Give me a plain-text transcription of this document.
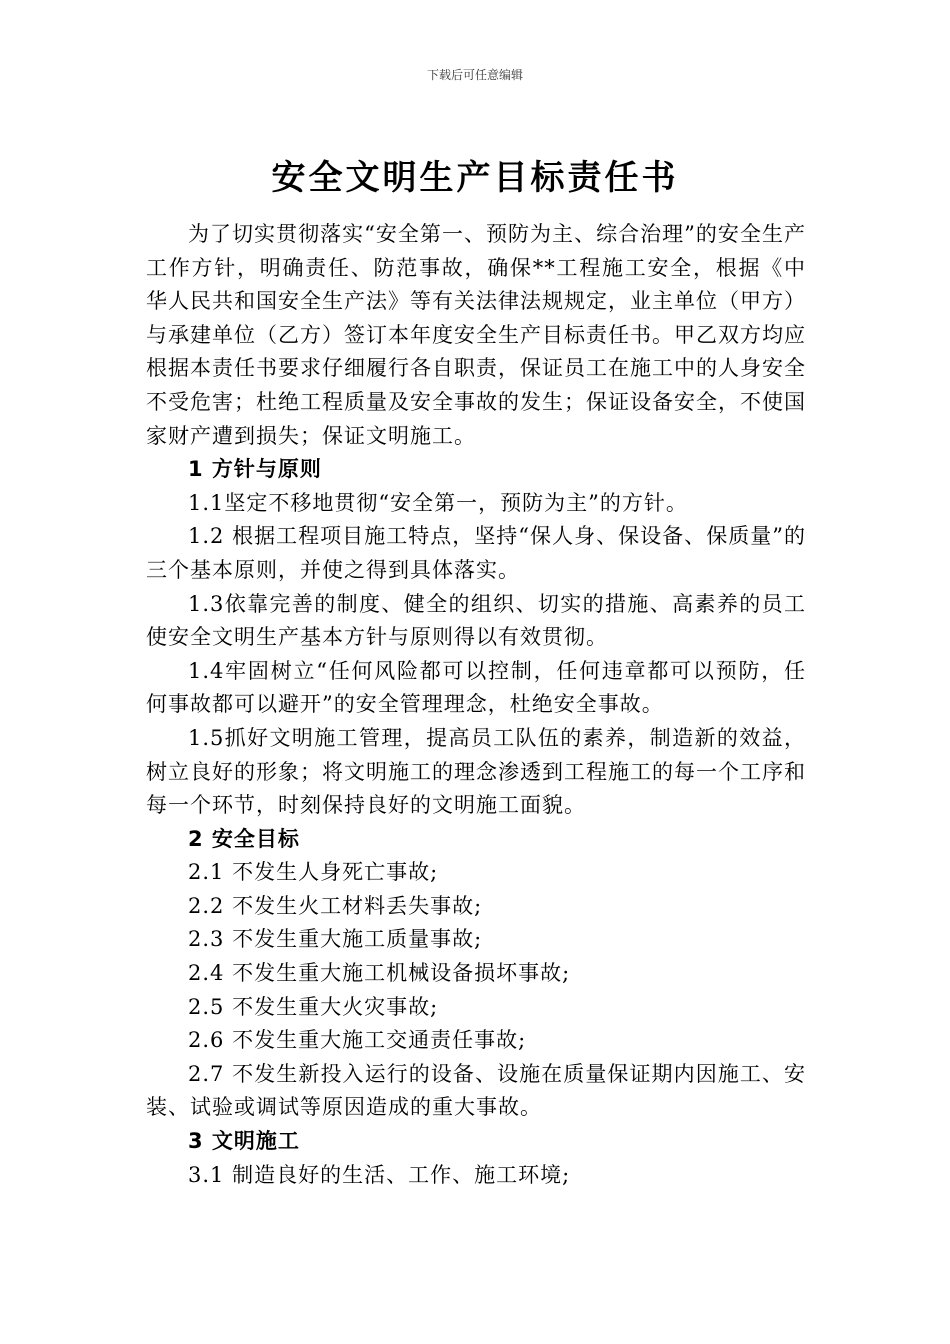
下载后可任意编辑
安全文明生产目标责任书

为了切实贯彻落实“安全第一、预防为主、综合治理”的安全生产工作方针，明确责任、防范事故，确保**工程施工安全，根据《中华人民共和国安全生产法》等有关法律法规规定，业主单位（甲方）与承建单位（乙方）签订本年度安全生产目标责任书。甲乙双方均应根据本责任书要求仔细履行各自职责，保证员工在施工中的人身安全不受危害；杜绝工程质量及安全事故的发生；保证设备安全，不使国家财产遭到损失；保证文明施工。

1 方针与原则

1.1坚定不移地贯彻“安全第一，预防为主”的方针。

1.2 根据工程项目施工特点，坚持“保人身、保设备、保质量”的三个基本原则，并使之得到具体落实。

1.3依靠完善的制度、健全的组织、切实的措施、高素养的员工使安全文明生产基本方针与原则得以有效贯彻。

1.4牢固树立“任何风险都可以控制，任何违章都可以预防，任何事故都可以避开”的安全管理理念，杜绝安全事故。

1.5抓好文明施工管理，提高员工队伍的素养，制造新的效益，树立良好的形象；将文明施工的理念渗透到工程施工的每一个工序和每一个环节，时刻保持良好的文明施工面貌。

2 安全目标

2.1 不发生人身死亡事故;

2.2 不发生火工材料丢失事故;

2.3 不发生重大施工质量事故;

2.4 不发生重大施工机械设备损坏事故;

2.5 不发生重大火灾事故;

2.6 不发生重大施工交通责任事故;

2.7 不发生新投入运行的设备、设施在质量保证期内因施工、安装、试验或调试等原因造成的重大事故。

3 文明施工

3.1 制造良好的生活、工作、施工环境;
